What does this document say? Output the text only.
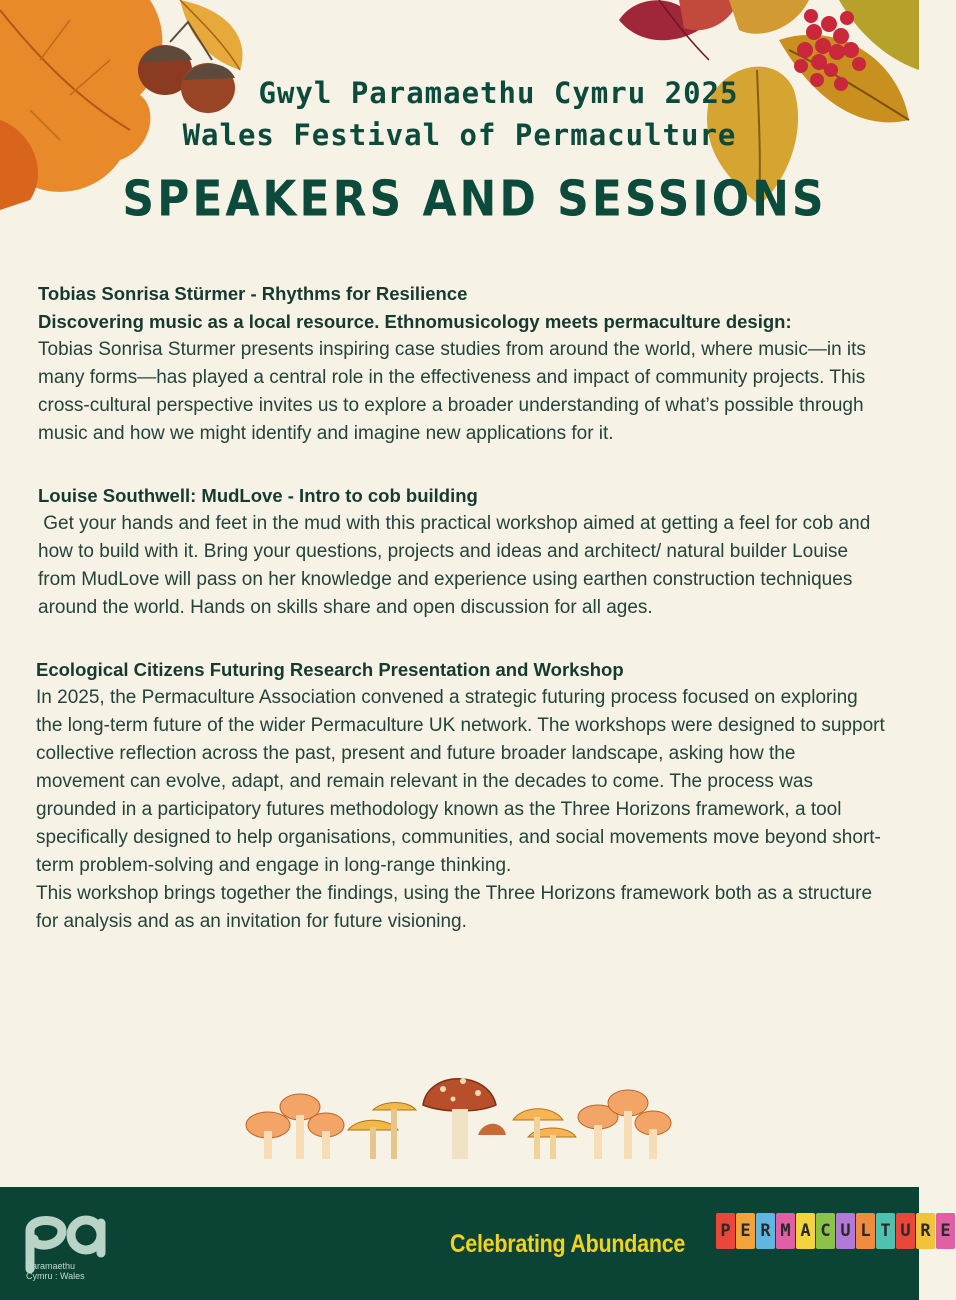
Gwyl Paramaethu Cymru 2025
Wales Festival of Permaculture
SPEAKERS AND SESSIONS
Tobias Sonrisa Stürmer - Rhythms for Resilience
Discovering music as a local resource. Ethnomusicology meets permaculture design:

Tobias Sonrisa Sturmer presents inspiring case studies from around the world, where music—in its many forms—has played a central role in the effectiveness and impact of community projects. This cross-cultural perspective invites us to explore a broader understanding of what’s possible through music and how we might identify and imagine new applications for it.

Louise Southwell: MudLove - Intro to cob building

Get your hands and feet in the mud with this practical workshop aimed at getting a feel for cob and how to build with it. Bring your questions, projects and ideas and architect/ natural builder Louise from MudLove will pass on her knowledge and experience using earthen construction techniques around the world. Hands on skills share and open discussion for all ages.

Ecological Citizens Futuring Research Presentation and Workshop

In 2025, the Permaculture Association convened a strategic futuring process focused on exploring the long-term future of the wider Permaculture UK network. The workshops were designed to support collective reflection across the past, present and future broader landscape, asking how the movement can evolve, adapt, and remain relevant in the decades to come. The process was grounded in a participatory futures methodology known as the Three Horizons framework, a tool specifically designed to help organisations, communities, and social movements move beyond short-term problem-solving and engage in long-range thinking.

This workshop brings together the findings, using the Three Horizons framework both as a structure for analysis and as an invitation for future visioning.

Paramaethu
Cymru : Wales
Celebrating Abundance P E R M A C U L T U R E
